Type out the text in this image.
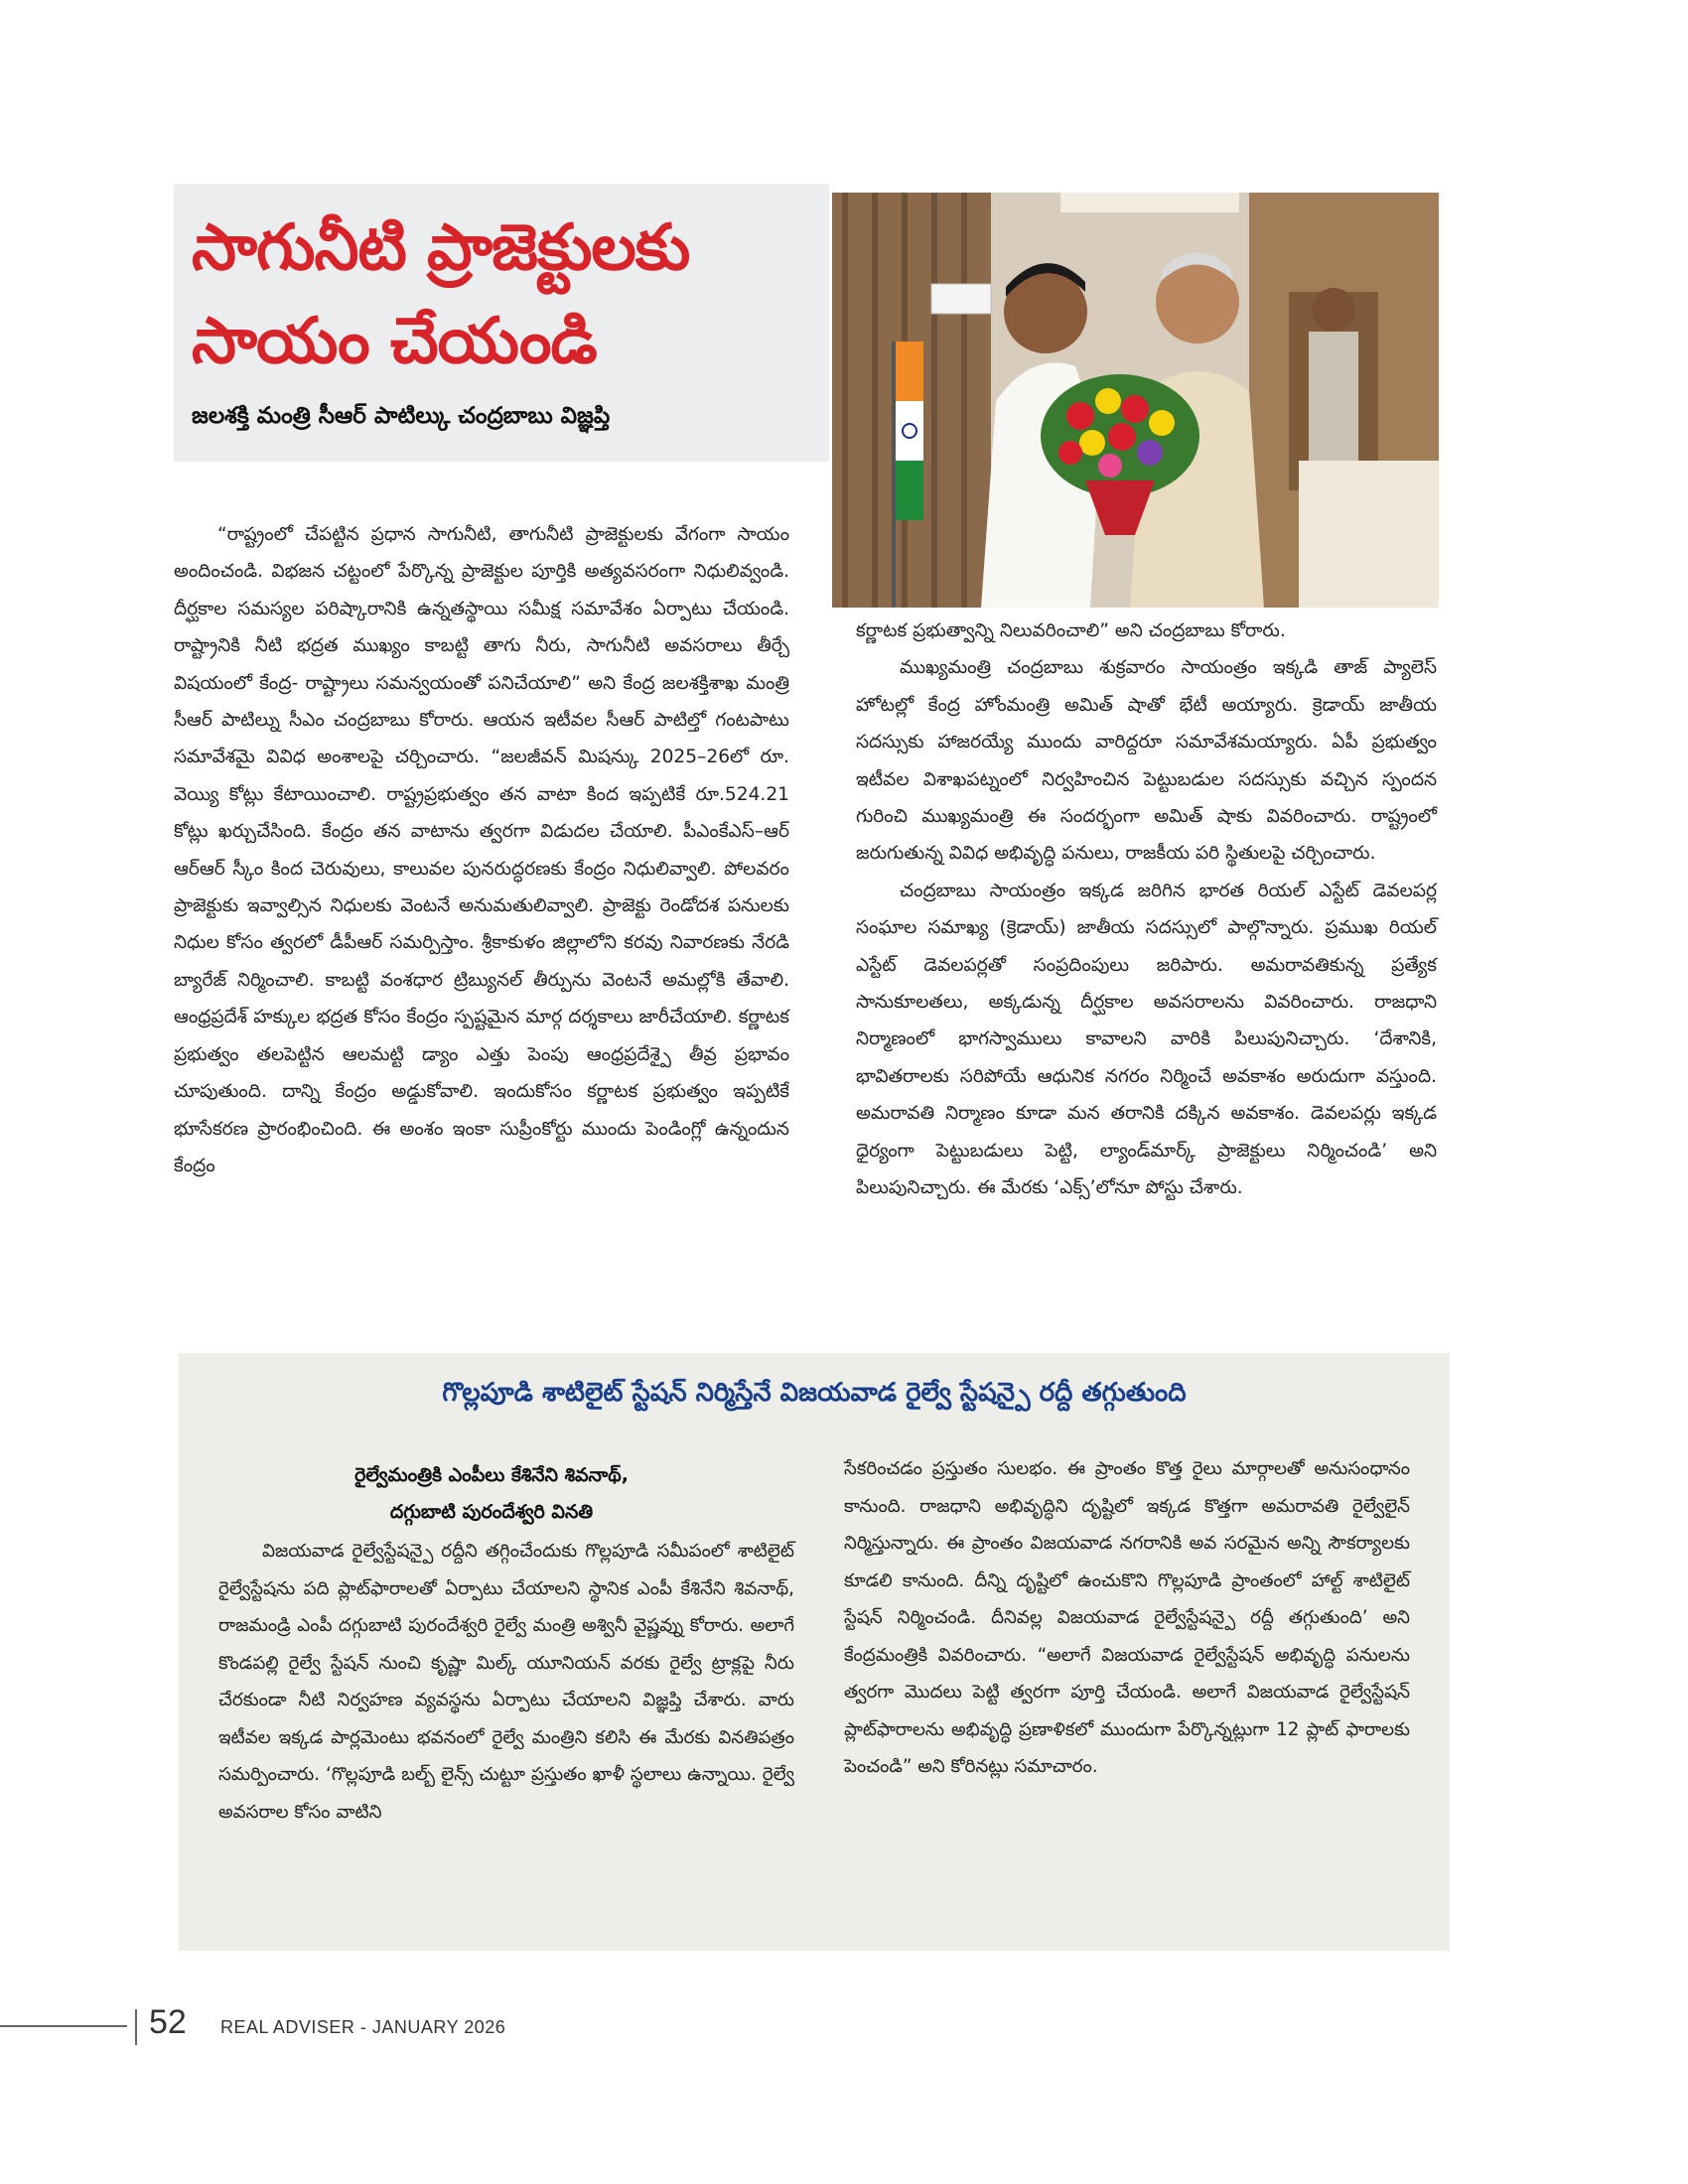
సాగునీటి ప్రాజెక్టులకు
సాయం చేయండి
జలశక్తి మంత్రి సీఆర్ పాటిల్కు చంద్రబాబు విజ్ఞప్తి

“రాష్ట్రంలో చేపట్టిన ప్రధాన సాగునీటి, తాగునీటి ప్రాజెక్టులకు వేగంగా సాయం అందించండి. విభజన చట్టంలో పేర్కొన్న ప్రాజెక్టుల పూర్తికి అత్యవసరంగా నిధులివ్వండి. దీర్ఘకాల సమస్యల పరిష్కారానికి ఉన్నతస్థాయి సమీక్ష సమావేశం ఏర్పాటు చేయండి. రాష్ట్రానికి నీటి భద్రత ముఖ్యం కాబట్టి తాగు నీరు, సాగునీటి అవసరాలు తీర్చే విషయంలో కేంద్ర- రాష్ట్రాలు సమన్వయంతో పనిచేయాలి” అని కేంద్ర జలశక్తిశాఖ మంత్రి సీఆర్ పాటిల్ను సీఎం చంద్రబాబు కోరారు. ఆయన ఇటీవల సీఆర్ పాటిల్తో గంటపాటు సమావేశమై వివిధ అంశాలపై చర్చించారు. “జలజీవన్ మిషన్కు 2025–26లో రూ. వెయ్యి కోట్లు కేటాయించాలి. రాష్ట్రప్రభుత్వం తన వాటా కింద ఇప్పటికే రూ.524.21 కోట్లు ఖర్చుచేసింది. కేంద్రం తన వాటాను త్వరగా విడుదల చేయాలి. పీఎంకేఎస్‌–ఆర్ ఆర్ఆర్ స్కీం కింద చెరువులు, కాలువల పునరుద్ధరణకు కేంద్రం నిధులివ్వాలి. పోలవరం ప్రాజెక్టుకు ఇవ్వాల్సిన నిధులకు వెంటనే అనుమతులివ్వాలి. ప్రాజెక్టు రెండోదశ పనులకు నిధుల కోసం త్వరలో డీపీఆర్ సమర్పిస్తాం. శ్రీకాకుళం జిల్లాలోని కరవు నివారణకు నేరడి బ్యారేజ్ నిర్మించాలి. కాబట్టి వంశధార ట్రిబ్యునల్ తీర్పును వెంటనే అమల్లోకి తేవాలి. ఆంధ్రప్రదేశ్ హక్కుల భద్రత కోసం కేంద్రం స్పష్టమైన మార్గ దర్శకాలు జారీచేయాలి. కర్ణాటక ప్రభుత్వం తలపెట్టిన ఆలమట్టి డ్యాం ఎత్తు పెంపు ఆంధ్రప్రదేశ్పై తీవ్ర ప్రభావం చూపుతుంది. దాన్ని కేంద్రం అడ్డుకోవాలి. ఇందుకోసం కర్ణాటక ప్రభుత్వం ఇప్పటికే భూసేకరణ ప్రారంభించింది. ఈ అంశం ఇంకా సుప్రీంకోర్టు ముందు పెండింగ్లో ఉన్నందున కేంద్రం

కర్ణాటక ప్రభుత్వాన్ని నిలువరించాలి” అని చంద్రబాబు కోరారు.

ముఖ్యమంత్రి చంద్రబాబు శుక్రవారం సాయంత్రం ఇక్కడి తాజ్ ప్యాలెస్ హోటల్లో కేంద్ర హోంమంత్రి అమిత్ షాతో భేటీ అయ్యారు. క్రెడాయ్ జాతీయ సదస్సుకు హాజరయ్యే ముందు వారిద్దరూ సమావేశమయ్యారు. ఏపీ ప్రభుత్వం ఇటీవల విశాఖపట్నంలో నిర్వహించిన పెట్టుబడుల సదస్సుకు వచ్చిన స్పందన గురించి ముఖ్యమంత్రి ఈ సందర్భంగా అమిత్ షాకు వివరించారు. రాష్ట్రంలో జరుగుతున్న వివిధ అభివృద్ధి పనులు, రాజకీయ పరి స్థితులపై చర్చించారు.

చంద్రబాబు సాయంత్రం ఇక్కడ జరిగిన భారత రియల్ ఎస్టేట్ డెవలపర్ల సంఘాల సమాఖ్య (క్రెడాయ్) జాతీయ సదస్సులో పాల్గొన్నారు. ప్రముఖ రియల్ ఎస్టేట్ డెవలపర్లతో సంప్రదింపులు జరిపారు. అమరావతికున్న ప్రత్యేక సానుకూలతలు, అక్కడున్న దీర్ఘకాల అవసరాలను వివరించారు. రాజధాని నిర్మాణంలో భాగస్వాములు కావాలని వారికి పిలుపునిచ్చారు. ‘దేశానికి, భావితరాలకు సరిపోయే ఆధునిక నగరం నిర్మించే అవకాశం అరుదుగా వస్తుంది. అమరావతి నిర్మాణం కూడా మన తరానికి దక్కిన అవకాశం. డెవలపర్లు ఇక్కడ ధైర్యంగా పెట్టుబడులు పెట్టి, ల్యాండ్‌మార్క్ ప్రాజెక్టులు నిర్మించండి’ అని పిలుపునిచ్చారు. ఈ మేరకు ‘ఎక్స్’లోనూ పోస్టు చేశారు.

గొల్లపూడి శాటిలైట్ స్టేషన్ నిర్మిస్తేనే విజయవాడ రైల్వే స్టేషన్పై రద్దీ తగ్గుతుంది
రైల్వేమంత్రికి ఎంపీలు కేశినేని శివనాథ్,
దగ్గుబాటి పురందేశ్వరి వినతి

విజయవాడ రైల్వేస్టేషన్పై రద్దీని తగ్గించేందుకు గొల్లపూడి సమీపంలో శాటిలైట్ రైల్వేస్టేషను పది ప్లాట్‌ఫారాలతో ఏర్పాటు చేయాలని స్థానిక ఎంపీ కేశినేని శివనాథ్, రాజమండ్రి ఎంపీ దగ్గుబాటి పురందేశ్వరి రైల్వే మంత్రి అశ్వినీ వైష్ణవ్ను కోరారు. అలాగే కొండపల్లి రైల్వే స్టేషన్ నుంచి కృష్ణా మిల్క్ యూనియన్ వరకు రైల్వే ట్రాక్లపై నీరు చేరకుండా నీటి నిర్వహణ వ్యవస్థను ఏర్పాటు చేయాలని విజ్ఞప్తి చేశారు. వారు ఇటీవల ఇక్కడ పార్లమెంటు భవనంలో రైల్వే మంత్రిని కలిసి ఈ మేరకు వినతిపత్రం సమర్పించారు. ‘గొల్లపూడి బల్బ్ లైన్స్ చుట్టూ ప్రస్తుతం ఖాళీ స్థలాలు ఉన్నాయి. రైల్వే అవసరాల కోసం వాటిని

సేకరించడం ప్రస్తుతం సులభం. ఈ ప్రాంతం కొత్త రైలు మార్గాలతో అనుసంధానం కానుంది. రాజధాని అభివృద్ధిని దృష్టిలో ఇక్కడ కొత్తగా అమరావతి రైల్వేలైన్ నిర్మిస్తున్నారు. ఈ ప్రాంతం విజయవాడ నగరానికి అవ సరమైన అన్ని సౌకర్యాలకు కూడలి కానుంది. దీన్ని దృష్టిలో ఉంచుకొని గొల్లపూడి ప్రాంతంలో హాల్ట్ శాటిలైట్ స్టేషన్ నిర్మించండి. దీనివల్ల విజయవాడ రైల్వేస్టేషన్పై రద్దీ తగ్గుతుంది’ అని కేంద్రమంత్రికి వివరించారు. “అలాగే విజయవాడ రైల్వేస్టేషన్ అభివృద్ధి పనులను త్వరగా మొదలు పెట్టి త్వరగా పూర్తి చేయండి. అలాగే విజయవాడ రైల్వేస్టేషన్ ప్లాట్‌ఫారాలను అభివృద్ధి ప్రణాళికలో ముందుగా పేర్కొన్నట్లుగా 12 ప్లాట్ ఫారాలకు పెంచండి” అని కోరినట్లు సమాచారం.

52 REAL ADVISER - JANUARY 2026
